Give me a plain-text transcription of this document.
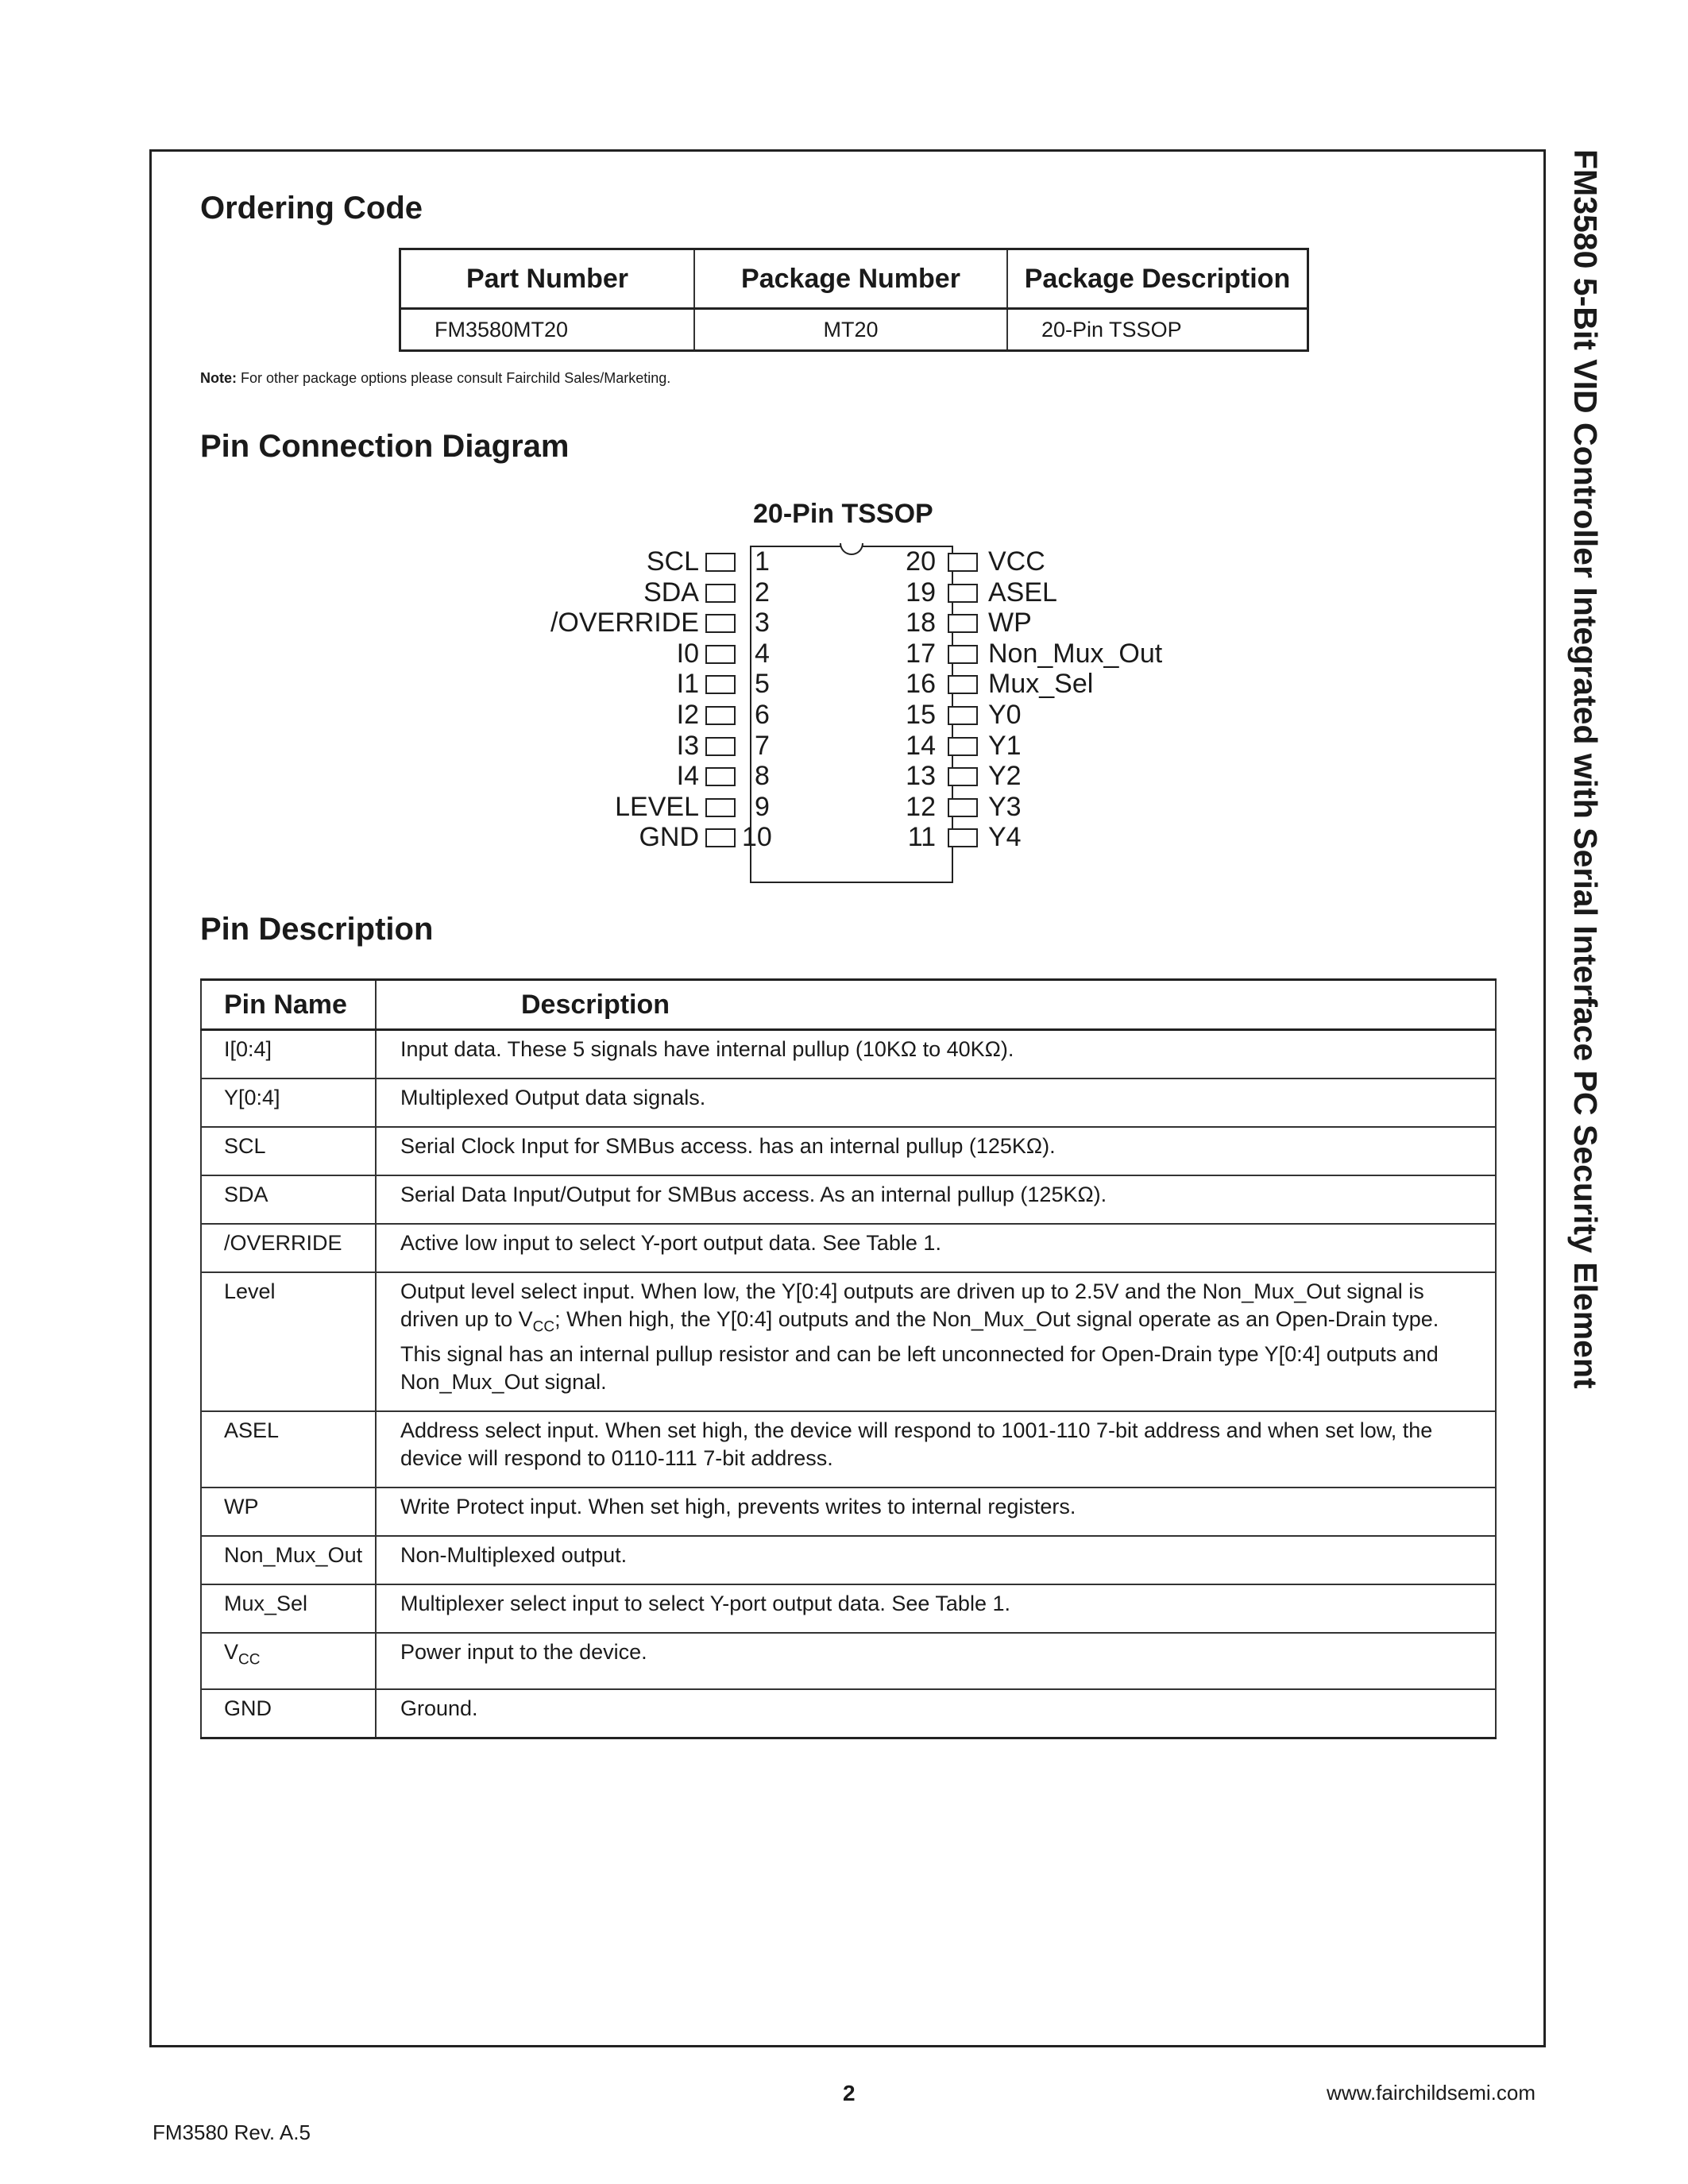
FM3580 5-Bit VID Controller Integrated with Serial Interface PC Security Element
Ordering Code
Part Number	Package Number	Package Description
FM3580MT20	MT20	20-Pin TSSOP
Note: For other package options please consult Fairchild Sales/Marketing.
Pin Connection Diagram
20-Pin TSSOP
SCL 1
SDA 2
/OVERRIDE 3
I0 4
I1 5
I2 6
I3 7
I4 8
LEVEL 9
GND 10
20 VCC
19 ASEL
18 WP
17 Non_Mux_Out
16 Mux_Sel
15 Y0
14 Y1
13 Y2
12 Y3
11 Y4
Pin Description
Pin Name	Description
I[0:4]	Input data. These 5 signals have internal pullup (10KΩ to 40KΩ).
Y[0:4]	Multiplexed Output data signals.
SCL	Serial Clock Input for SMBus access. has an internal pullup (125KΩ).
SDA	Serial Data Input/Output for SMBus access. As an internal pullup (125KΩ).
/OVERRIDE	Active low input to select Y-port output data. See Table 1.
Level	Output level select input. When low, the Y[0:4] outputs are driven up to 2.5V and the Non_Mux_Out signal is driven up to $V_{CC}$; When high, the Y[0:4] outputs and the Non_Mux_Out signal operate as an Open-Drain type. This signal has an internal pullup resistor and can be left unconnected for Open-Drain type Y[0:4] outputs and Non_Mux_Out signal.
ASEL	Address select input. When set high, the device will respond to 1001-110 7-bit address and when set low, the device will respond to 0110-111 7-bit address.
WP	Write Protect input. When set high, prevents writes to internal registers.
Non_Mux_Out	Non-Multiplexed output.
Mux_Sel	Multiplexer select input to select Y-port output data. See Table 1.
$V_{CC}$	Power input to the device.
GND	Ground.
2	www.fairchildsemi.com
FM3580 Rev. A.5
